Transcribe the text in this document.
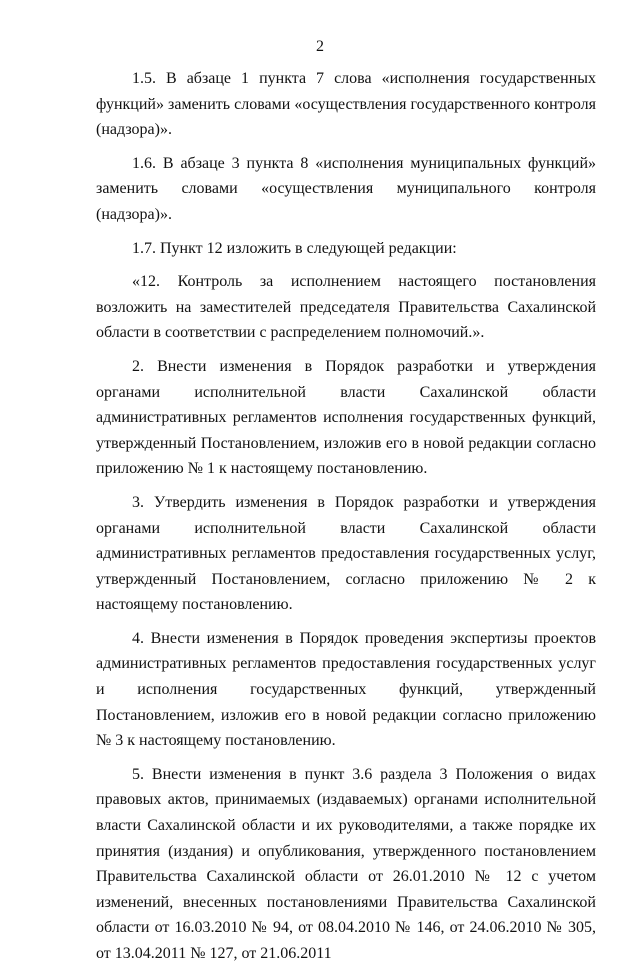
2

1.5. В абзаце 1 пункта 7 слова «исполнения государственных функций» заменить словами «осуществления государственного контроля (надзора)».

1.6. В абзаце 3 пункта 8 «исполнения муниципальных функций» заменить словами «осуществления муниципального контроля (надзора)».

1.7. Пункт 12 изложить в следующей редакции:

«12. Контроль за исполнением настоящего постановления возложить на заместителей председателя Правительства Сахалинской области в соответствии с распределением полномочий.».

2. Внести изменения в Порядок разработки и утверждения органами исполнительной власти Сахалинской области административных регламентов исполнения государственных функций, утвержденный Постановлением, изложив его в новой редакции согласно приложению № 1 к настоящему постановлению.

3. Утвердить изменения в Порядок разработки и утверждения органами исполнительной власти Сахалинской области административных регламентов предоставления государственных услуг, утвержденный Постановлением, согласно приложению № 2 к настоящему постановлению.

4. Внести изменения в Порядок проведения экспертизы проектов административных регламентов предоставления государственных услуг и исполнения государственных функций, утвержденный Постановлением, изложив его в новой редакции согласно приложению № 3 к настоящему постановлению.

5. Внести изменения в пункт 3.6 раздела 3 Положения о видах правовых актов, принимаемых (издаваемых) органами исполнительной власти Сахалинской области и их руководителями, а также порядке их принятия (издания) и опубликования, утвержденного постановлением Правительства Сахалинской области от 26.01.2010 № 12 с учетом изменений, внесенных постановлениями Правительства Сахалинской области от 16.03.2010 № 94, от 08.04.2010 № 146, от 24.06.2010 № 305, от 13.04.2011 № 127, от 21.06.2011
